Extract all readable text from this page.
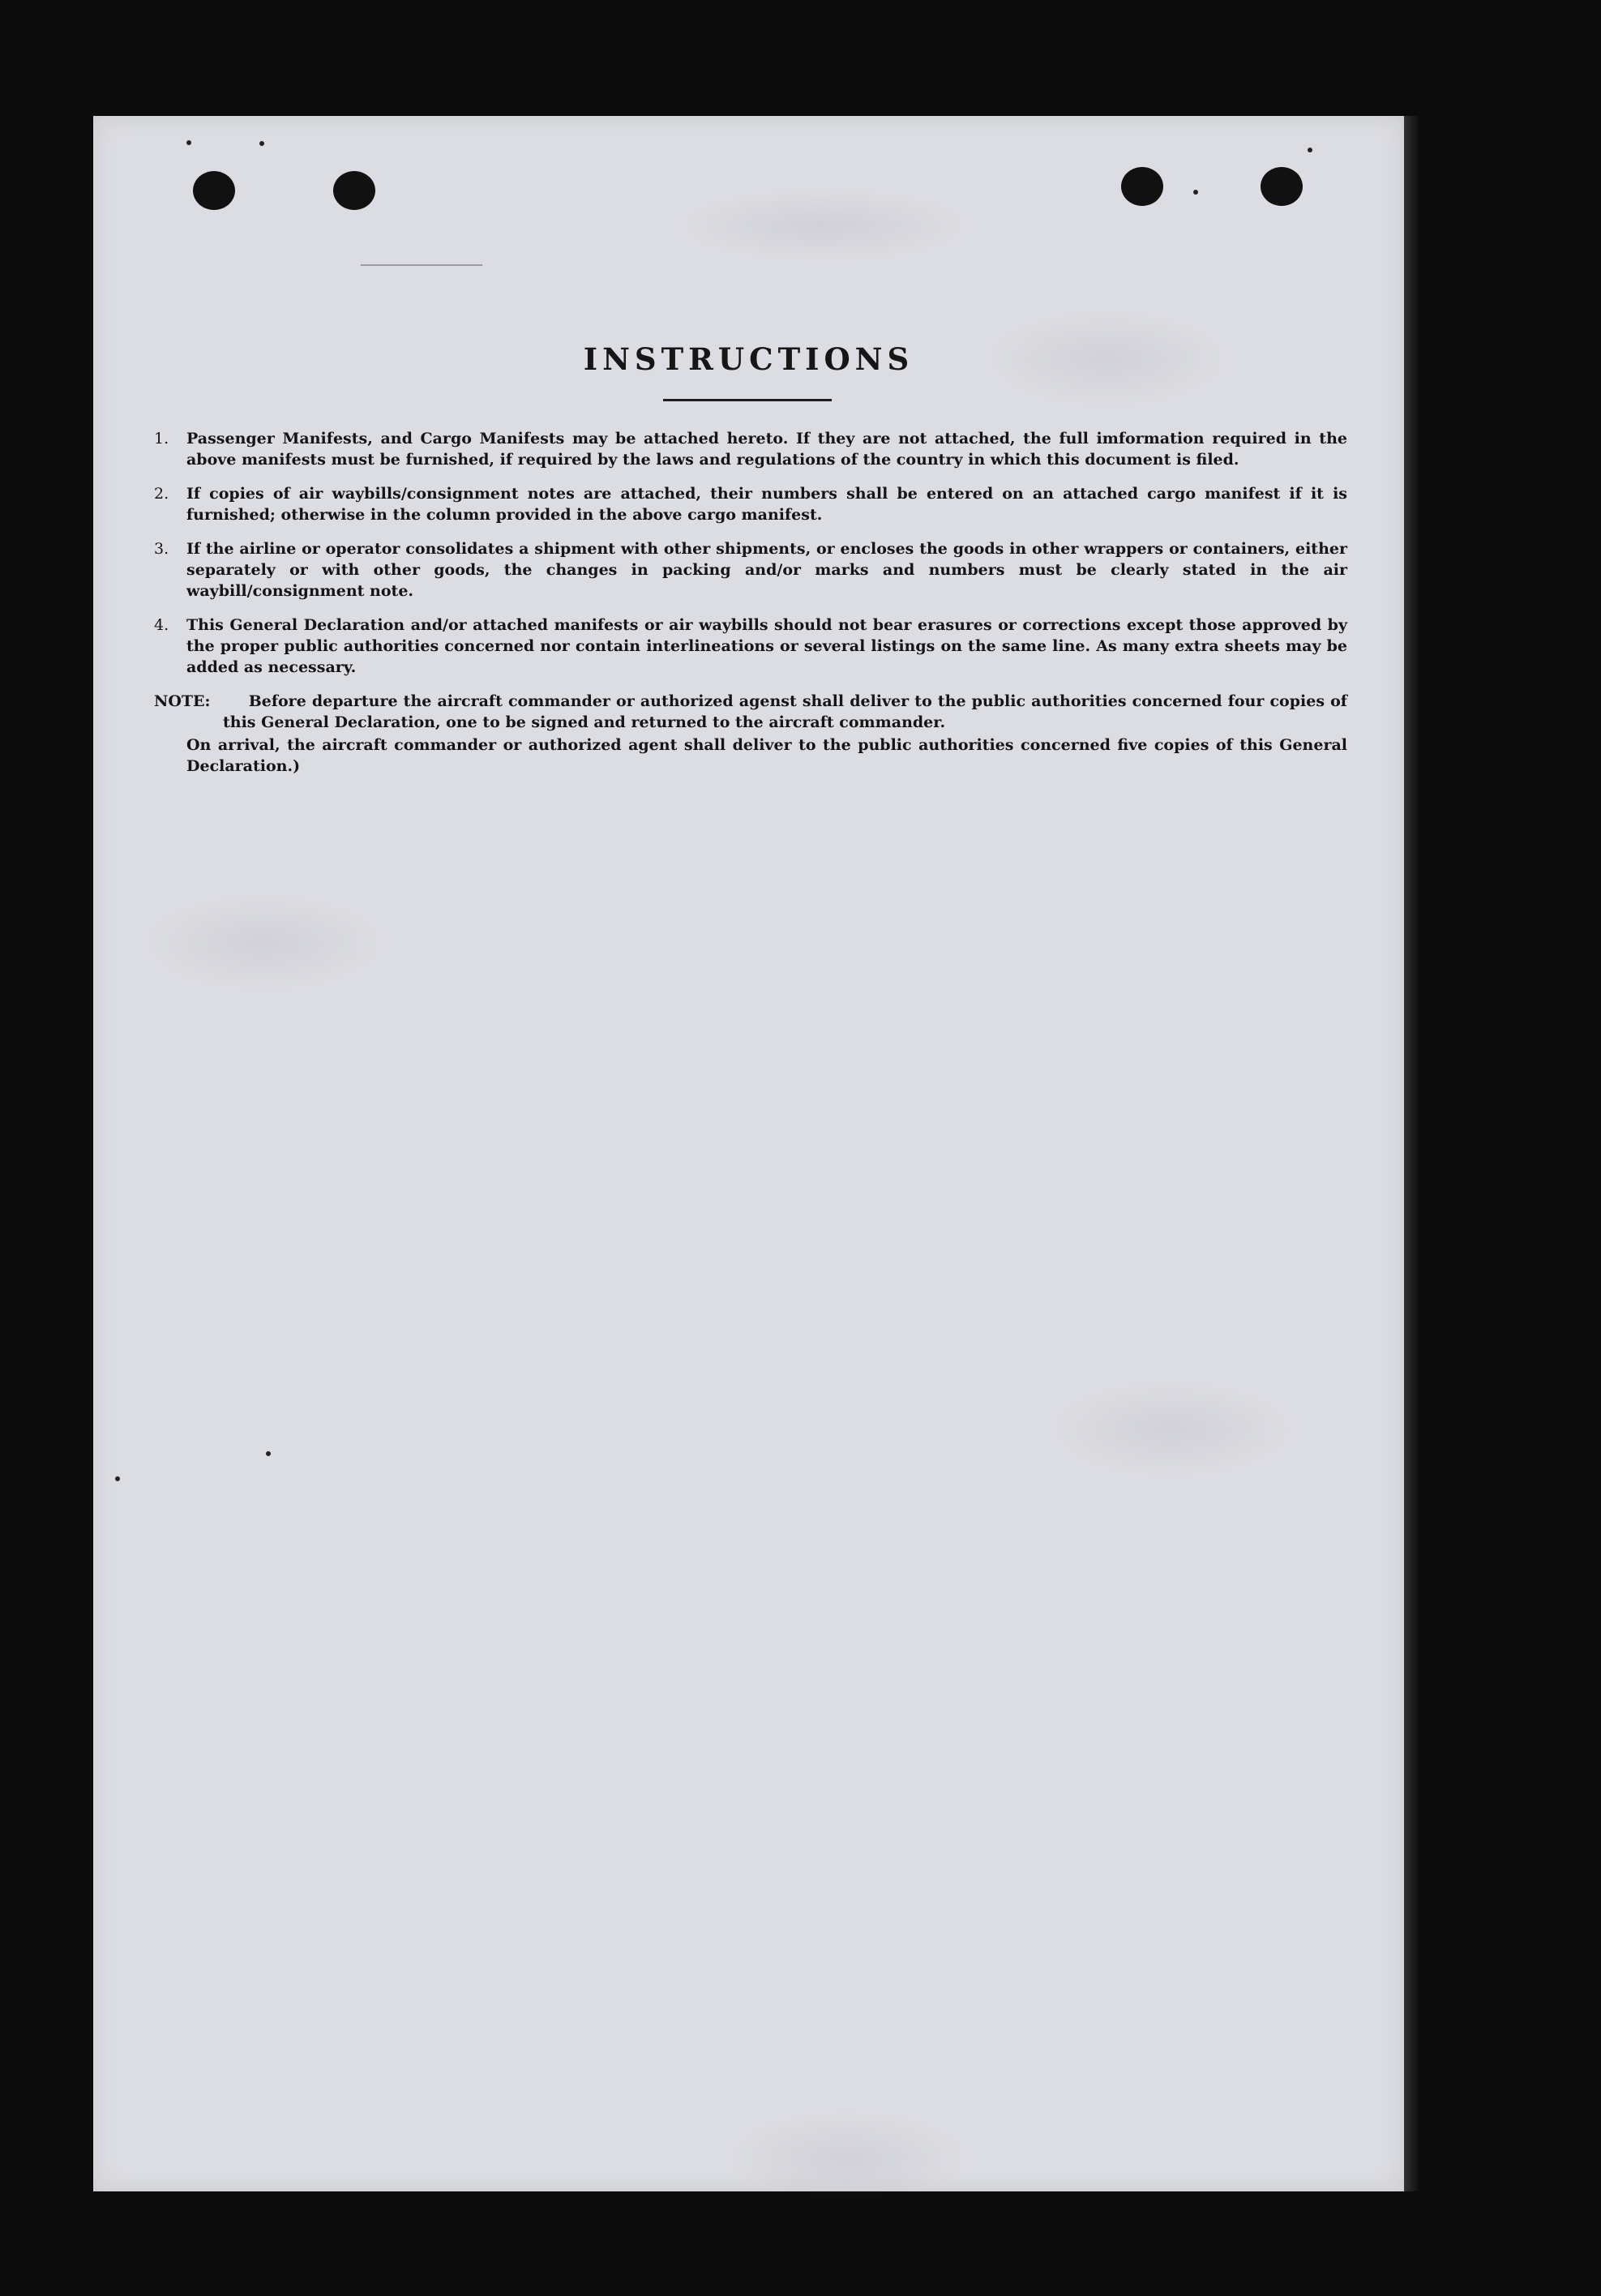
INSTRUCTIONS
1. Passenger Manifests, and Cargo Manifests may be attached hereto. If they are not attached, the full imformation required in the above manifests must be furnished, if required by the laws and regulations of the country in which this document is filed.
2. If copies of air waybills/consignment notes are attached, their numbers shall be entered on an attached cargo manifest if it is furnished; otherwise in the column provided in the above cargo manifest.
3. If the airline or operator consolidates a shipment with other shipments, or encloses the goods in other wrappers or containers, either separately or with other goods, the changes in packing and/or marks and numbers must be clearly stated in the air waybill/consignment note.
4. This General Declaration and/or attached manifests or air waybills should not bear erasures or corrections except those approved by the proper public authorities concerned nor contain interlineations or several listings on the same line. As many extra sheets may be added as necessary.
NOTE:	Before departure the aircraft commander or authorized agenst shall deliver to the public authorities concerned four copies of this General Declaration, one to be signed and returned to the aircraft commander.
On arrival, the aircraft commander or authorized agent shall deliver to the public authorities concerned five copies of this General Declaration.)
